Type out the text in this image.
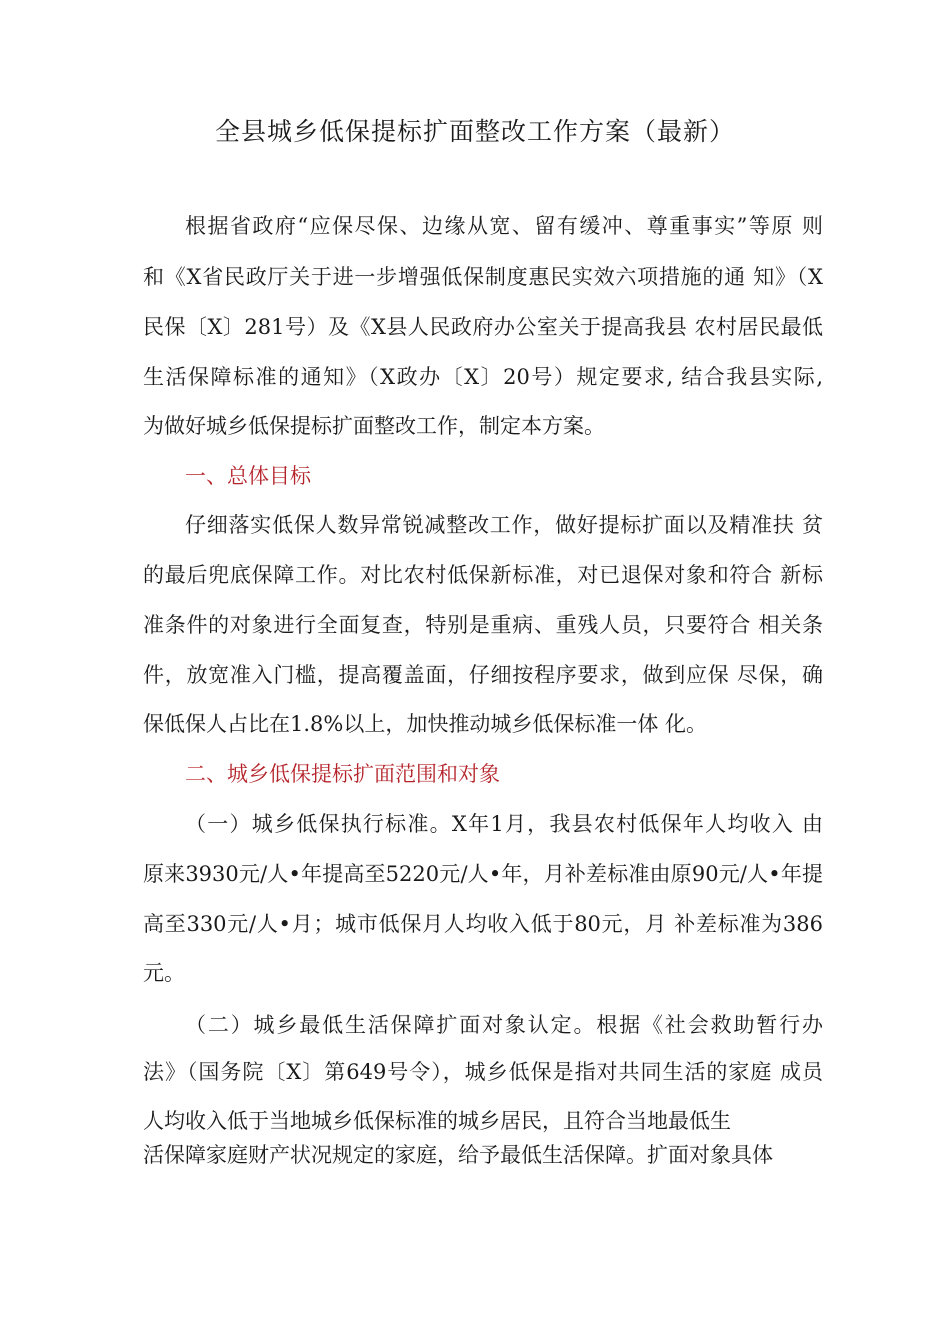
全县城乡低保提标扩面整改工作方案（最新）
根据省政府“应保尽保、边缘从宽、留有缓冲、尊重事实”等原 则
和《X省民政厅关于进一步增强低保制度惠民实效六项措施的通 知》（X
民保〔X〕281号）及《X县人民政府办公室关于提高我县 农村居民最低
生活保障标准的通知》（X政办〔X〕20号）规定要求, 结合我县实际,
为做好城乡低保提标扩面整改工作，制定本方案。
一、总体目标
仔细落实低保人数异常锐减整改工作，做好提标扩面以及精准扶 贫
的最后兜底保障工作。对比农村低保新标准，对已退保对象和符合 新标
准条件的对象进行全面复查，特别是重病、重残人员，只要符合 相关条
件，放宽准入门槛，提高覆盖面，仔细按程序要求，做到应保 尽保，确
保低保人占比在1.8%以上，加快推动城乡低保标准一体 化。
二、城乡低保提标扩面范围和对象
（一）城乡低保执行标准。X年1月，我县农村低保年人均收入 由
原来3930元/人•年提高至5220元/人•年，月补差标准由原90元/人•年提
高至330元/人•月；城市低保月人均收入低于80元，月 补差标准为386
元。
（二）城乡最低生活保障扩面对象认定。根据《社会救助暂行办
法》（国务院〔X〕第649号令），城乡低保是指对共同生活的家庭 成员
人均收入低于当地城乡低保标准的城乡居民，且符合当地最低生
活保障家庭财产状况规定的家庭，给予最低生活保障。扩面对象具体
